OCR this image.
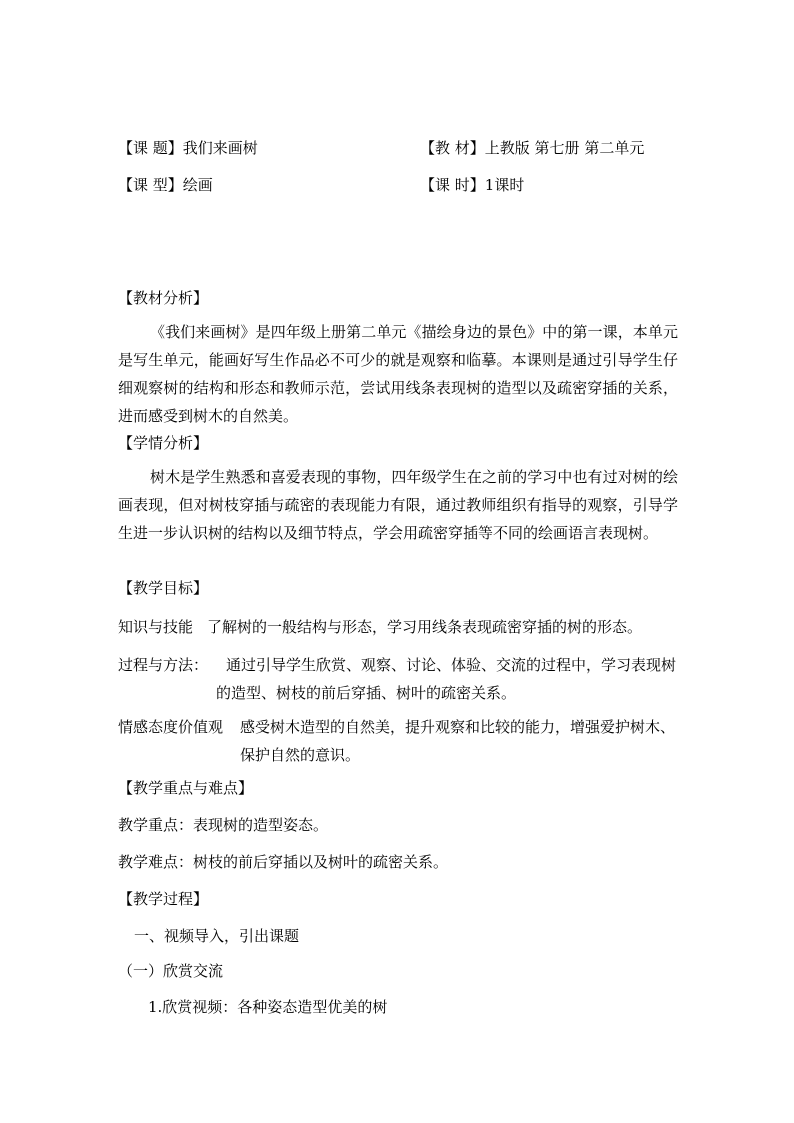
【课 题】我们来画树	【教 材】上教版 第七册 第二单元
【课 型】绘画	【课 时】1课时
【教材分析】
《我们来画树》是四年级上册第二单元《描绘身边的景色》中的第一课，本单元是写生单元，能画好写生作品必不可少的就是观察和临摹。本课则是通过引导学生仔细观察树的结构和形态和教师示范，尝试用线条表现树的造型以及疏密穿插的关系，进而感受到树木的自然美。
【学情分析】
树木是学生熟悉和喜爱表现的事物，四年级学生在之前的学习中也有过对树的绘画表现，但对树枝穿插与疏密的表现能力有限，通过教师组织有指导的观察，引导学生进一步认识树的结构以及细节特点，学会用疏密穿插等不同的绘画语言表现树。
【教学目标】
知识与技能 了解树的一般结构与形态，学习用线条表现疏密穿插的树的形态。
过程与方法：	通过引导学生欣赏、观察、讨论、体验、交流的过程中，学习表现树的造型、树枝的前后穿插、树叶的疏密关系。
情感态度价值观 感受树木造型的自然美，提升观察和比较的能力，增强爱护树木、保护自然的意识。
【教学重点与难点】
教学重点：表现树的造型姿态。
教学难点：树枝的前后穿插以及树叶的疏密关系。
【教学过程】
一、视频导入，引出课题
（一）欣赏交流
1.欣赏视频：各种姿态造型优美的树
